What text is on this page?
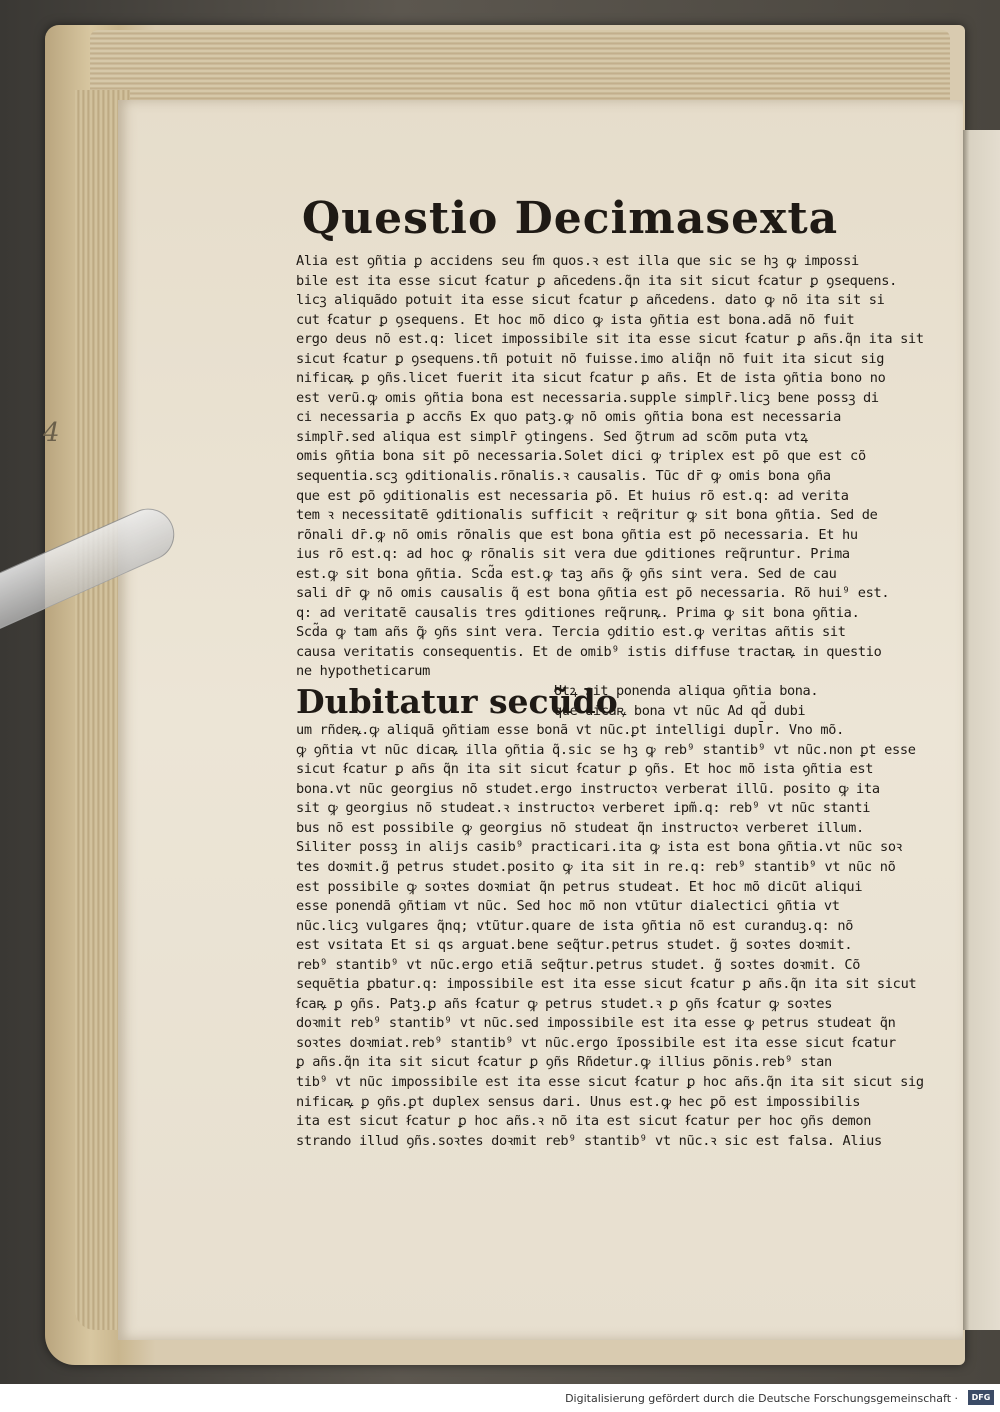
4
Questio Decimasexta
Alia est ꝯñtia ꝑ accidens seu ẜm quos.ꝛ est illa que sic se hꝫ ꝙ impossi
bile est ita esse sicut ẜcatur ꝑ añcedens.q̃n ita sit sicut ẜcatur ꝑ ꝯsequens.
licꝫ aliquãdo potuit ita esse sicut ẜcatur ꝑ añcedens. dato ꝙ nõ ita sit si
cut ẜcatur ꝑ ꝯsequens. Et hoc mõ dico ꝙ ista ꝯñtia est bona.adã nõ fuit
ergo deus nõ est.q: licet impossibile sit ita esse sicut ẜcatur ꝑ añs.q̃n ita sit
sicut ẜcatur ꝑ ꝯsequens.tñ potuit nõ fuisse.imo aliq̃n nõ fuit ita sicut sig
nificaꝶ ꝑ ꝯñs.licet fuerit ita sicut ẜcatur ꝑ añs. Et de ista ꝯñtia bono no
est verũ.ꝙ omis ꝯñtia bona est necessaria.supple simplr̄.licꝫ bene possꝫ di
ci necessaria ꝑ accñs Ex quo patꝫ.ꝙ nõ omis ꝯñtia bona est necessaria
simplr̄.sed aliqua est simplr̄ ꝯtingens. Sed ꝯ̃trum ad scõm puta vtꝝ
omis ꝯñtia bona sit ꝑõ necessaria.Solet dici ꝙ triplex est ꝑõ que est cõ
sequentia.scꝫ ꝯditionalis.rõnalis.ꝛ causalis. Tũc dr̄ ꝙ omis bona ꝯña
que est ꝑõ ꝯditionalis est necessaria ꝑõ. Et huius rõ est.q: ad verita
tem ꝛ necessitatẽ ꝯditionalis sufficit ꝛ req̃ritur ꝙ sit bona ꝯñtia. Sed de
rõnali dr̄.ꝙ nõ omis rõnalis que est bona ꝯñtia est ꝑõ necessaria. Et hu
ius rõ est.q: ad hoc ꝙ rõnalis sit vera due ꝯditiones req̃runtur. Prima
est.ꝙ sit bona ꝯñtia. Scd̃a est.ꝙ taꝫ añs ꝙ̃ ꝯñs sint vera. Sed de cau
sali dr̄ ꝙ nõ omis causalis q̃ est bona ꝯñtia est ꝑõ necessaria. Rõ hui⁹ est.
q: ad veritatẽ causalis tres ꝯditiones req̃runꝶ. Prima ꝙ sit bona ꝯñtia.
Scd̃a ꝙ tam añs ꝙ̃ ꝯñs sint vera. Tercia ꝯditio est.ꝙ veritas añtis sit
causa veritatis consequentis. Et de omib⁹ istis diffuse tractaꝶ in questio
ne hypotheticarum
Dubitatur secũdo
Utꝝ sit ponenda aliqua ꝯñtia bona.
que dicaꝶ bona vt nũc Ad qd̃ dubi
um rñdeꝶ.ꝙ aliquã ꝯñtiam esse bonã vt nũc.ꝑt intelligi dupl̄r. Vno mõ.
ꝙ ꝯñtia vt nũc dicaꝶ illa ꝯñtia q̃.sic se hꝫ ꝙ reb⁹ stantib⁹ vt nũc.non ꝑt esse
sicut ẜcatur ꝑ añs q̃n ita sit sicut ẜcatur ꝑ ꝯñs. Et hoc mõ ista ꝯñtia est
bona.vt nũc georgius nõ studet.ergo instructoꝛ verberat illũ. posito ꝙ ita
sit ꝙ georgius nõ studeat.ꝛ instructoꝛ verberet ipm̃.q: reb⁹ vt nũc stanti
bus nõ est possibile ꝙ georgius nõ studeat q̃n instructoꝛ verberet illum.
Siliter possꝫ in alijs casib⁹ practicari.ita ꝙ ista est bona ꝯñtia.vt nũc soꝛ
tes doꝛmit.g̃ petrus studet.posito ꝙ ita sit in re.q: reb⁹ stantib⁹ vt nũc nõ
est possibile ꝙ soꝛtes doꝛmiat q̃n petrus studeat. Et hoc mõ dicũt aliqui
esse ponendã ꝯñtiam vt nũc. Sed hoc mõ non vtũtur dialectici ꝯñtia vt
nũc.licꝫ vulgares q̃nq; vtũtur.quare de ista ꝯñtia nõ est curanduꝫ.q: nõ
est vsitata Et si qs arguat.bene seq̃tur.petrus studet. g̃ soꝛtes doꝛmit.
reb⁹ stantib⁹ vt nũc.ergo etiã seq̃tur.petrus studet. g̃ soꝛtes doꝛmit. Cõ
sequẽtia ꝑbatur.q: impossibile est ita esse sicut ẜcatur ꝑ añs.q̃n ita sit sicut
ẜcaꝶ ꝑ ꝯñs. Patꝫ.ꝑ añs ẜcatur ꝙ petrus studet.ꝛ ꝑ ꝯñs ẜcatur ꝙ soꝛtes
doꝛmit reb⁹ stantib⁹ vt nũc.sed impossibile est ita esse ꝙ petrus studeat q̃n
soꝛtes doꝛmiat.reb⁹ stantib⁹ vt nũc.ergo ĩpossibile est ita esse sicut ẜcatur
ꝑ añs.q̃n ita sit sicut ẜcatur ꝑ ꝯñs Rñdetur.ꝙ illius ꝑõnis.reb⁹ stan
tib⁹ vt nũc impossibile est ita esse sicut ẜcatur ꝑ hoc añs.q̃n ita sit sicut sig
nificaꝶ ꝑ ꝯñs.ꝑt duplex sensus dari. Unus est.ꝙ hec ꝑõ est impossibilis
ita est sicut ẜcatur ꝑ hoc añs.ꝛ nõ ita est sicut ẜcatur per hoc ꝯñs demon
strando illud ꝯñs.soꝛtes doꝛmit reb⁹ stantib⁹ vt nũc.ꝛ sic est falsa. Alius
Digitalisierung gefördert durch die Deutsche Forschungsgemeinschaft ·	DFG
